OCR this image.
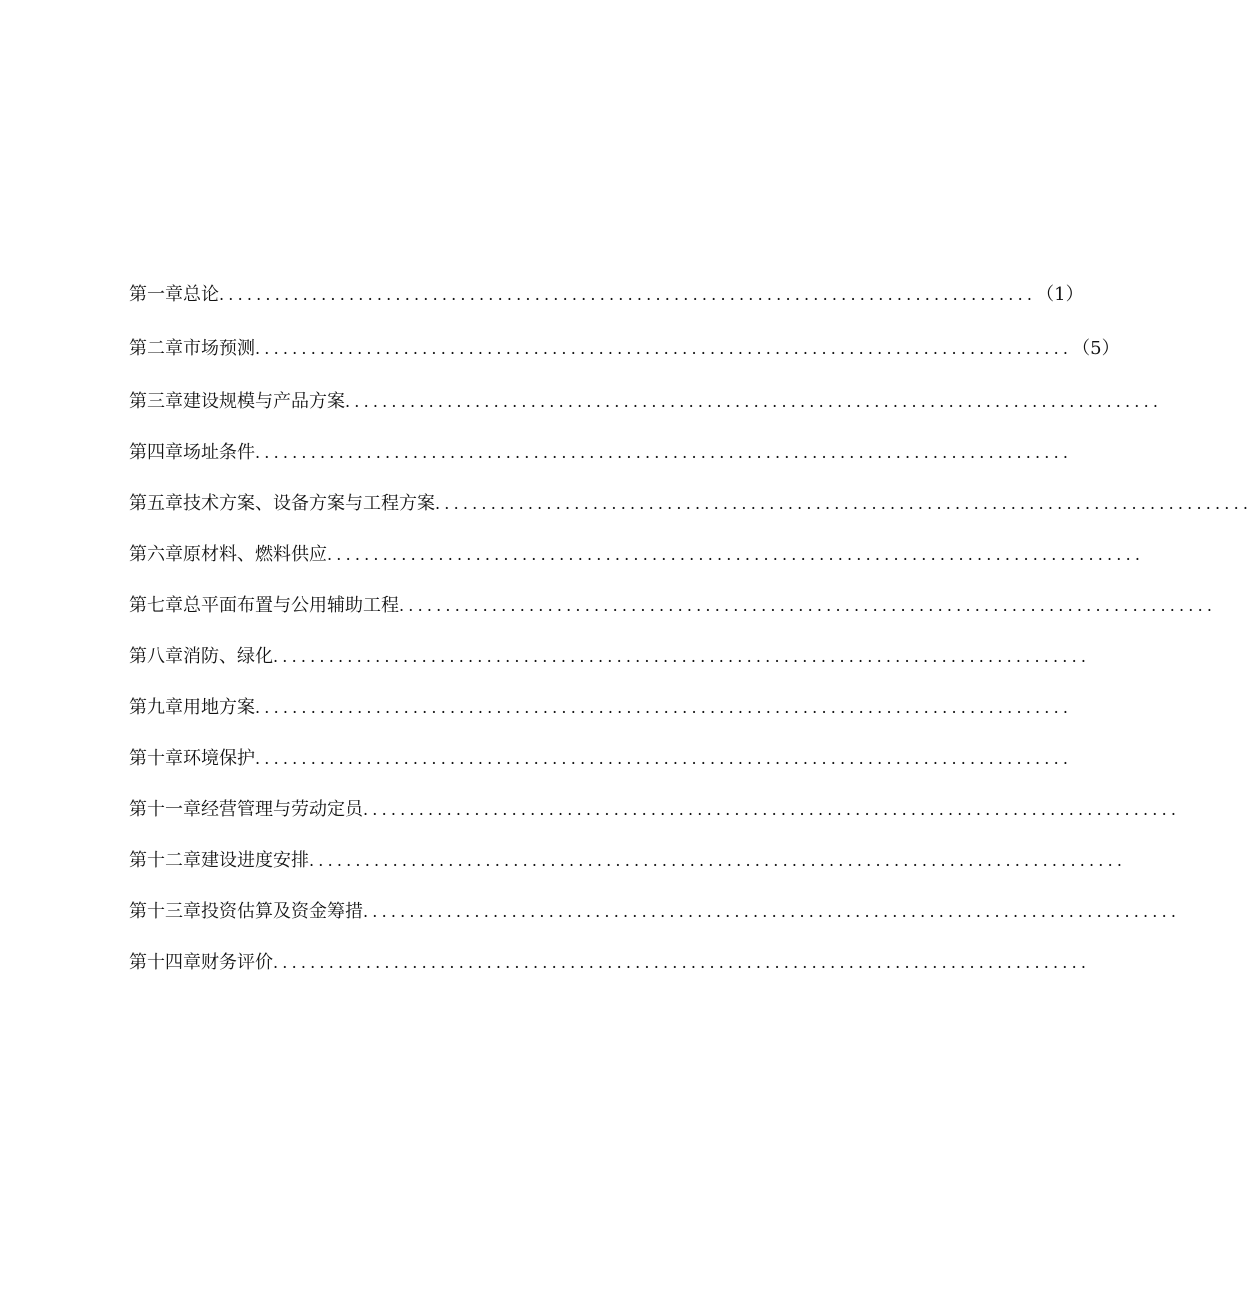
第一章总论 ........................................................................................ （1）
第二章市场预测 ........................................................................................ （5）
第三章建设规模与产品方案 ........................................................................................
第四章场址条件 ........................................................................................
第五章技术方案、设备方案与工程方案 ........................................................................................
第六章原材料、燃料供应 ........................................................................................
第七章总平面布置与公用辅助工程 ........................................................................................
第八章消防、绿化 ........................................................................................
第九章用地方案 ........................................................................................
第十章环境保护 ........................................................................................
第十一章经营管理与劳动定员 ........................................................................................
第十二章建设进度安排 ........................................................................................
第十三章投资估算及资金筹措 ........................................................................................
第十四章财务评价 ........................................................................................
